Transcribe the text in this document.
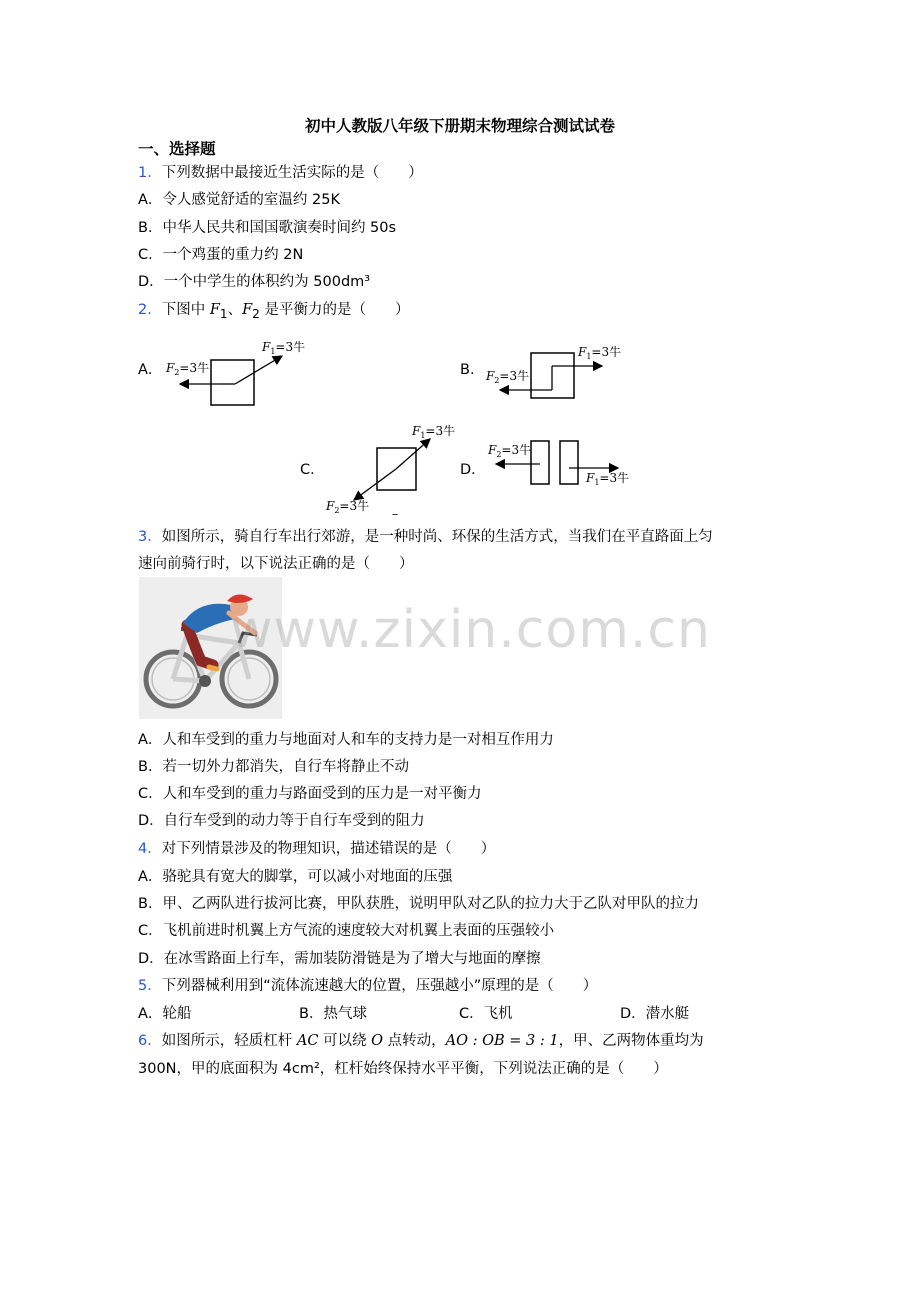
初中人教版八年级下册期末物理综合测试试卷
一、选择题
1．下列数据中最接近生活实际的是（　　）
A．令人感觉舒适的室温约 25K
B．中华人民共和国国歌演奏时间约 50s
C．一个鸡蛋的重力约 2N
D．一个中学生的体积约为 500dm³
2．下图中 $F_1$、$F_2$ 是平衡力的是（　　）
A．	B．
C．	D．
$F_1=3$牛
$F_2=3$牛
$F_1=3$牛
$F_2=3$牛
$F_1=3$牛
$F_2=3$牛
–
$F_2=3$牛
$F_1=3$牛
3．如图所示，骑自行车出行郊游，是一种时尚、环保的生活方式，当我们在平直路面上匀
速向前骑行时，以下说法正确的是（　　）
www.zixin.com.cn
A．人和车受到的重力与地面对人和车的支持力是一对相互作用力
B．若一切外力都消失，自行车将静止不动
C．人和车受到的重力与路面受到的压力是一对平衡力
D．自行车受到的动力等于自行车受到的阻力
4．对下列情景涉及的物理知识，描述错误的是（　　）
A．骆驼具有宽大的脚掌，可以减小对地面的压强
B．甲、乙两队进行拔河比赛，甲队获胜，说明甲队对乙队的拉力大于乙队对甲队的拉力
C．飞机前进时机翼上方气流的速度较大对机翼上表面的压强较小
D．在冰雪路面上行车，需加装防滑链是为了增大与地面的摩擦
5．下列器械利用到“流体流速越大的位置，压强越小”原理的是（　　）
A．轮船	B．热气球	C．飞机	D．潜水艇
6．如图所示，轻质杠杆 AC 可以绕 O 点转动，AO : OB = 3 : 1，甲、乙两物体重均为
300N，甲的底面积为 4cm²，杠杆始终保持水平平衡，下列说法正确的是（　　）
